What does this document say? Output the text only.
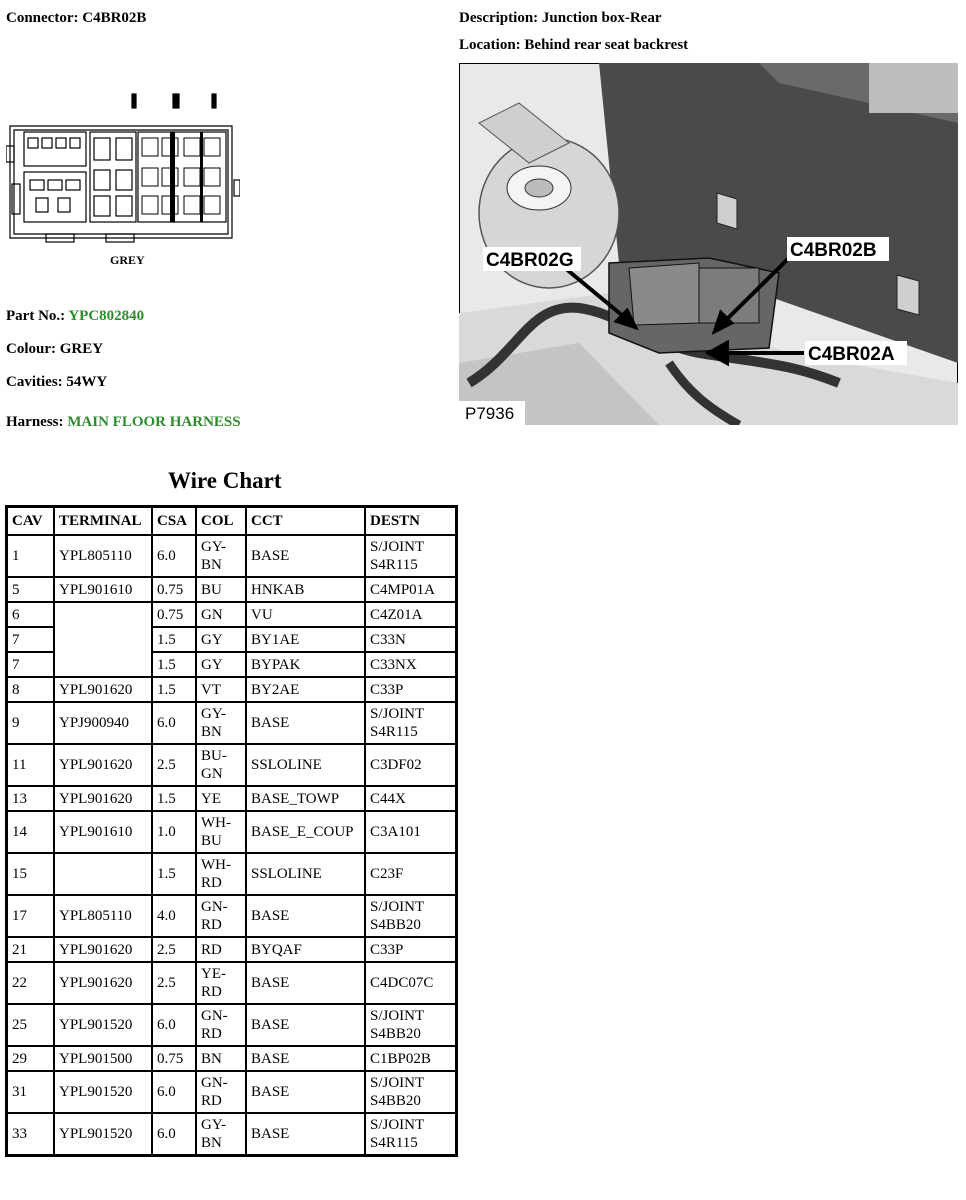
Connector: C4BR02B	Description: Junction box-Rear
Location: Behind rear seat backrest
GREY
Part No.: YPC802840
Colour: GREY
Cavities: 54WY
Harness: MAIN FLOOR HARNESS
C4BR02G	C4BR02B
C4BR02A
P7936
Wire Chart
CAV	TERMINAL	CSA	COL	CCT	DESTN
1	YPL805110	6.0	GY-BN	BASE	S/JOINT S4R115
5	YPL901610	0.75	BU	HNKAB	C4MP01A
6		0.75	GN	VU	C4Z01A
7		1.5	GY	BY1AE	C33N
7		1.5	GY	BYPAK	C33NX
8	YPL901620	1.5	VT	BY2AE	C33P
9	YPJ900940	6.0	GY-BN	BASE	S/JOINT S4R115
11	YPL901620	2.5	BU-GN	SSLOLINE	C3DF02
13	YPL901620	1.5	YE	BASE_TOWP	C44X
14	YPL901610	1.0	WH-BU	BASE_E_COUP	C3A101
15		1.5	WH-RD	SSLOLINE	C23F
17	YPL805110	4.0	GN-RD	BASE	S/JOINT S4BB20
21	YPL901620	2.5	RD	BYQAF	C33P
22	YPL901620	2.5	YE-RD	BASE	C4DC07C
25	YPL901520	6.0	GN-RD	BASE	S/JOINT S4BB20
29	YPL901500	0.75	BN	BASE	C1BP02B
31	YPL901520	6.0	GN-RD	BASE	S/JOINT S4BB20
33	YPL901520	6.0	GY-BN	BASE	S/JOINT S4R115
